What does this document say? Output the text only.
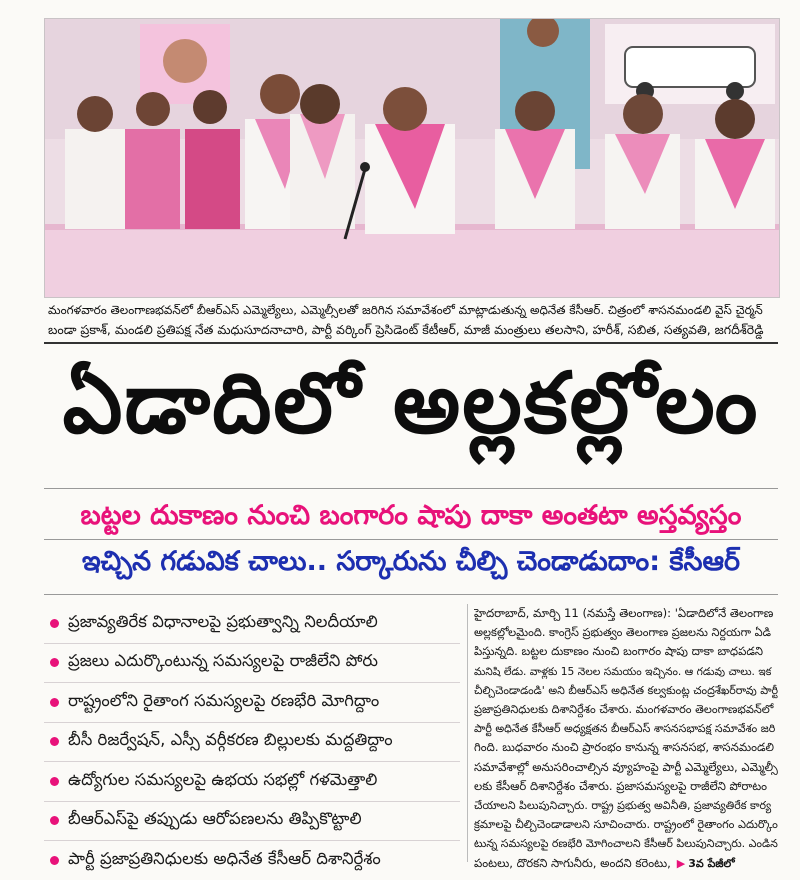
మంగళవారం తెలంగాణభవన్‌లో బీఆర్‌ఎస్ ఎమ్మెల్యేలు, ఎమ్మెల్సీలతో జరిగిన సమావేశంలో మాట్లాడుతున్న అధినేత కేసీఆర్. చిత్రంలో శాసనమండలి వైస్ చైర్మన్

బండా ప్రకాశ్, మండలి ప్రతిపక్ష నేత మధుసూదనాచారి, పార్టీ వర్కింగ్ ప్రెసిడెంట్ కేటీఆర్, మాజీ మంత్రులు తలసాని, హరీశ్, సబిత, సత్యవతి, జగదీశ్‌రెడ్డి

ఏడాదిలో అల్లకల్లోలం
బట్టల దుకాణం నుంచి బంగారం షాపు దాకా అంతటా అస్తవ్యస్తం
ఇచ్చిన గడువిక చాలు.. సర్కారును చీల్చి చెండాడుదాం: కేసీఆర్
ప్రజావ్యతిరేక విధానాలపై ప్రభుత్వాన్ని నిలదీయాలి
ప్రజలు ఎదుర్కొంటున్న సమస్యలపై రాజీలేని పోరు
రాష్ట్రంలోని రైతాంగ సమస్యలపై రణభేరి మోగిద్దాం
బీసీ రిజర్వేషన్, ఎస్సీ వర్గీకరణ బిల్లులకు మద్దతిద్దాం
ఉద్యోగుల సమస్యలపై ఉభయ సభల్లో గళమెత్తాలి
బీఆర్‌ఎస్‌పై తప్పుడు ఆరోపణలను తిప్పికొట్టాలి
పార్టీ ప్రజాప్రతినిధులకు అధినేత కేసీఆర్ దిశానిర్దేశం

హైదరాబాద్, మార్చి 11 (నమస్తే తెలంగాణ): 'ఏడాదిలోనే తెలంగాణ

అల్లకల్లోలమైంది. కాంగ్రెస్ ప్రభుత్వం తెలంగాణ ప్రజలను నిర్దయగా ఏడి

పిస్తున్నది. బట్టల దుకాణం నుంచి బంగారం షాపు దాకా బాధపడని

మనిషి లేడు. వాళ్లకు 15 నెలల సమయం ఇచ్చినం. ఆ గడువు చాలు. ఇక

చీల్చిచెండాడండి' అని బీఆర్‌ఎస్ అధినేత కల్వకుంట్ల చంద్రశేఖర్‌రావు పార్టీ

ప్రజాప్రతినిధులకు దిశానిర్దేశం చేశారు. మంగళవారం తెలంగాణభవన్‌లో

పార్టీ అధినేత కేసీఆర్ అధ్యక్షతన బీఆర్‌ఎస్ శాసనసభాపక్ష సమావేశం జరి

గింది. బుధవారం నుంచి ప్రారంభం కానున్న శాసనసభ, శాసనమండలి

సమావేశాల్లో అనుసరించాల్సిన వ్యూహంపై పార్టీ ఎమ్మెల్యేలు, ఎమ్మెల్సీ

లకు కేసీఆర్ దిశానిర్దేశం చేశారు. ప్రజాసమస్యలపై రాజీలేని పోరాటం

చేయాలని పిలుపునిచ్చారు. రాష్ట్ర ప్రభుత్వ అవినీతి, ప్రజావ్యతిరేక కార్య

క్రమాలపై చీల్చిచెండాడాలని సూచించారు. రాష్ట్రంలో రైతాంగం ఎదుర్కొం

టున్న సమస్యలపై రణభేరి మోగించాలని కేసీఆర్ పిలుపునిచ్చారు. ఎండిన

పంటలు, దొరకని సాగునీరు, అందని కరెంటు, ▶ 3వ పేజీలో
